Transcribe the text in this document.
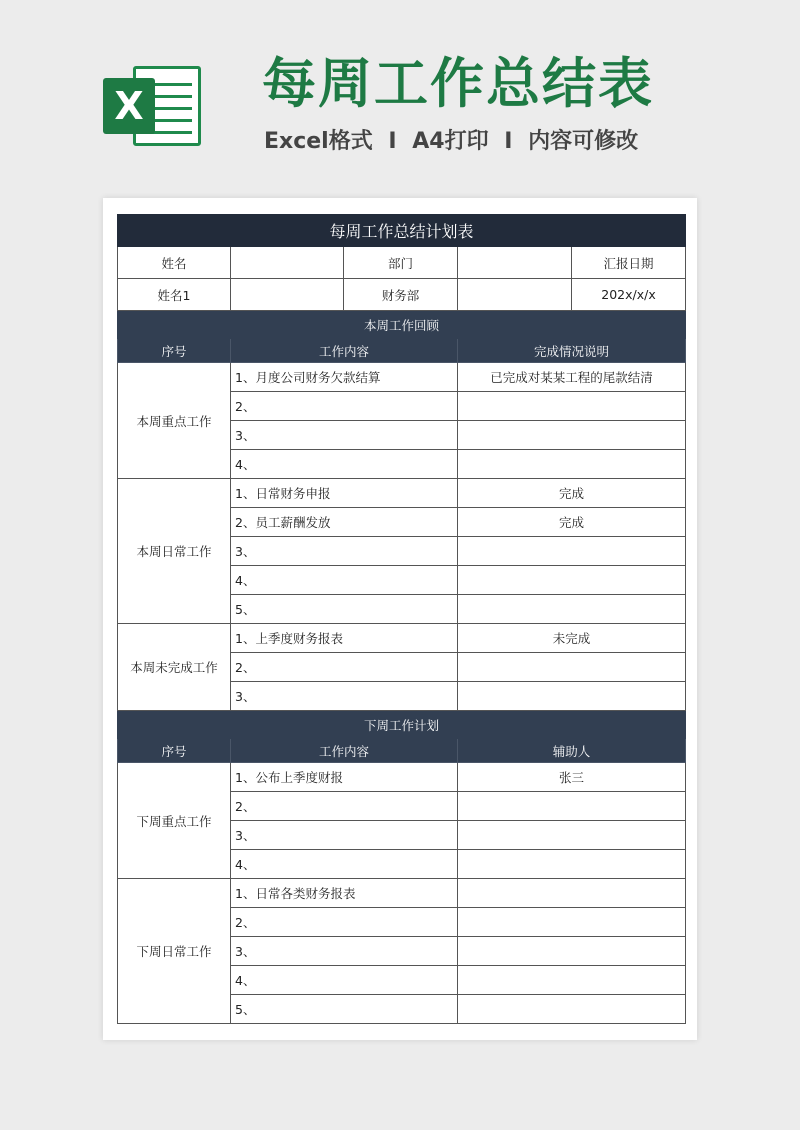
X 每周工作总结表
Excel格式 I A4打印 I 内容可修改
每周工作总结计划表				
姓名		部门		汇报日期
姓名1		财务部		202x/x/x
本周工作回顾				
序号	工作内容		完成情况说明	
本周重点工作	1、月度公司财务欠款结算		已完成对某某工程的尾款结清	
	2、			
	3、			
	4、			
本周日常工作	1、日常财务申报		完成	
	2、员工薪酬发放		完成	
	3、			
	4、			
	5、			
本周未完成工作	1、上季度财务报表		未完成	
	2、			
	3、			
下周工作计划				
序号	工作内容		辅助人	
下周重点工作	1、公布上季度财报		张三	
	2、			
	3、			
	4、			
下周日常工作	1、日常各类财务报表			
	2、			
	3、			
	4、			
	5、			
